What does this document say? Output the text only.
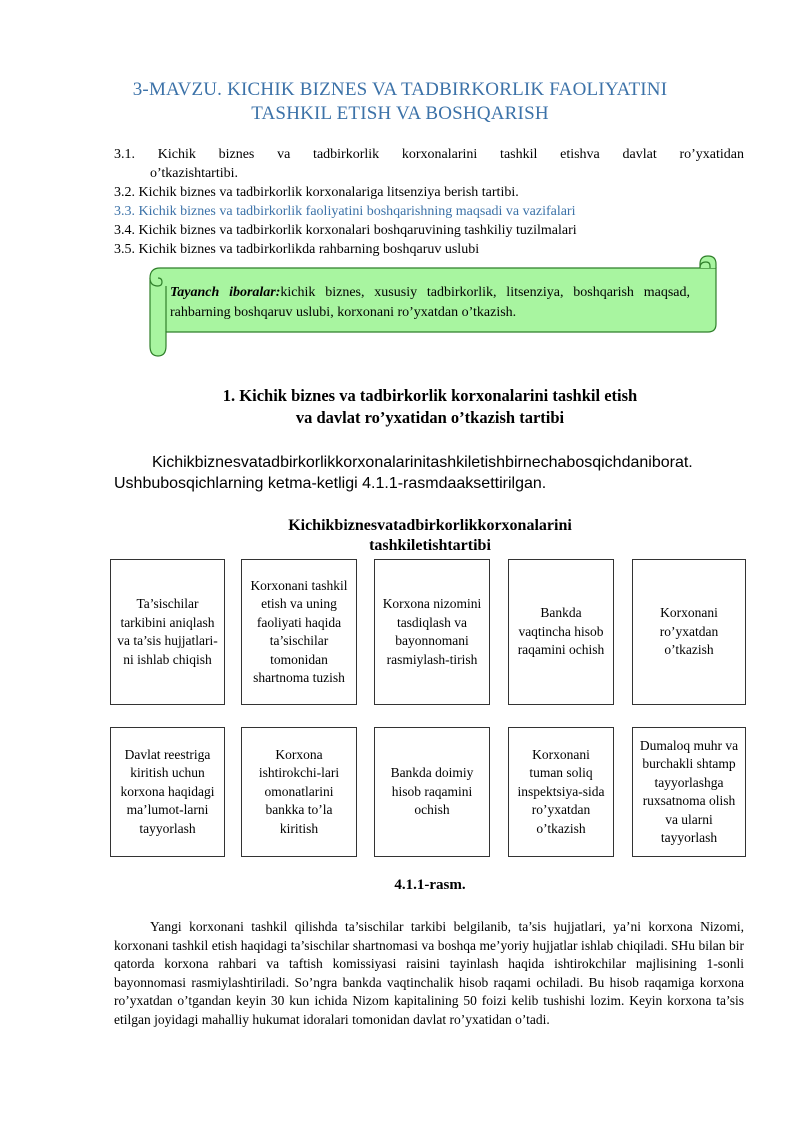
3-MAVZU. KICHIK BIZNES VA TADBIRKORLIK FAOLIYATINI
TASHKIL ETISH VA BOSHQARISH
3.1. Kichik biznes va tadbirkorlik korxonalarini tashkil etishva davlat ro’yxatidan
o’tkazishtartibi.
3.2. Kichik biznes va tadbirkorlik korxonalariga litsenziya berish tartibi.
3.3. Kichik biznes va tadbirkorlik faoliyatini boshqarishning maqsadi va vazifalari
3.4. Kichik biznes va tadbirkorlik korxonalari boshqaruvining tashkiliy tuzilmalari
3.5. Kichik biznes va tadbirkorlikda rahbarning boshqaruv uslubi
Tayanch iboralar:kichik biznes, xususiy tadbirkorlik, litsenziya, boshqarish maqsad, rahbarning boshqaruv uslubi, korxonani ro’yxatdan o’tkazish.
1. Kichik biznes va tadbirkorlik korxonalarini tashkil etish
va davlat ro’yxatidan o’tkazish tartibi
Kichikbiznesvatadbirkorlikkorxonalarinitashkiletishbirnechabosqichdaniborat.
Ushbubosqichlarning ketma-ketligi 4.1.1-rasmdaaksettirilgan.
Kichikbiznesvatadbirkorlikkorxonalarini
tashkiletishtartibi
Ta’sischilar tarkibini aniqlash va ta’sis hujjatlari-ni ishlab chiqish
Korxonani tashkil etish va uning faoliyati haqida ta’sischilar tomonidan shartnoma tuzish
Korxona nizomini tasdiqlash va bayonnomani rasmiylash-tirish
Bankda vaqtincha hisob raqamini ochish
Korxonani ro’yxatdan o’tkazish
Davlat reestriga kiritish uchun korxona haqidagi ma’lumot-larni tayyorlash
Korxona ishtirokchi-lari omonatlarini bankka to’la kiritish
Bankda doimiy hisob raqamini ochish
Korxonani tuman soliq inspektsiya-sida ro’yxatdan o’tkazish
Dumaloq muhr va burchakli shtamp tayyorlashga ruxsatnoma olish va ularni tayyorlash
4.1.1-rasm.
Yangi korxonani tashkil qilishda ta’sischilar tarkibi belgilanib, ta’sis hujjatlari, ya’ni korxona Nizomi, korxonani tashkil etish haqidagi ta’sischilar shartnomasi va boshqa me’yoriy hujjatlar ishlab chiqiladi. SHu bilan bir qatorda korxona rahbari va taftish komissiyasi raisini tayinlash haqida ishtirokchilar majlisining 1-sonli bayonnomasi rasmiylashtiriladi. So’ngra bankda vaqtinchalik hisob raqami ochiladi. Bu hisob raqamiga korxona ro’yxatdan o’tgandan keyin 30 kun ichida Nizom kapitalining 50 foizi kelib tushishi lozim. Keyin korxona ta’sis etilgan joyidagi mahalliy hukumat idoralari tomonidan davlat ro’yxatidan o’tadi.
